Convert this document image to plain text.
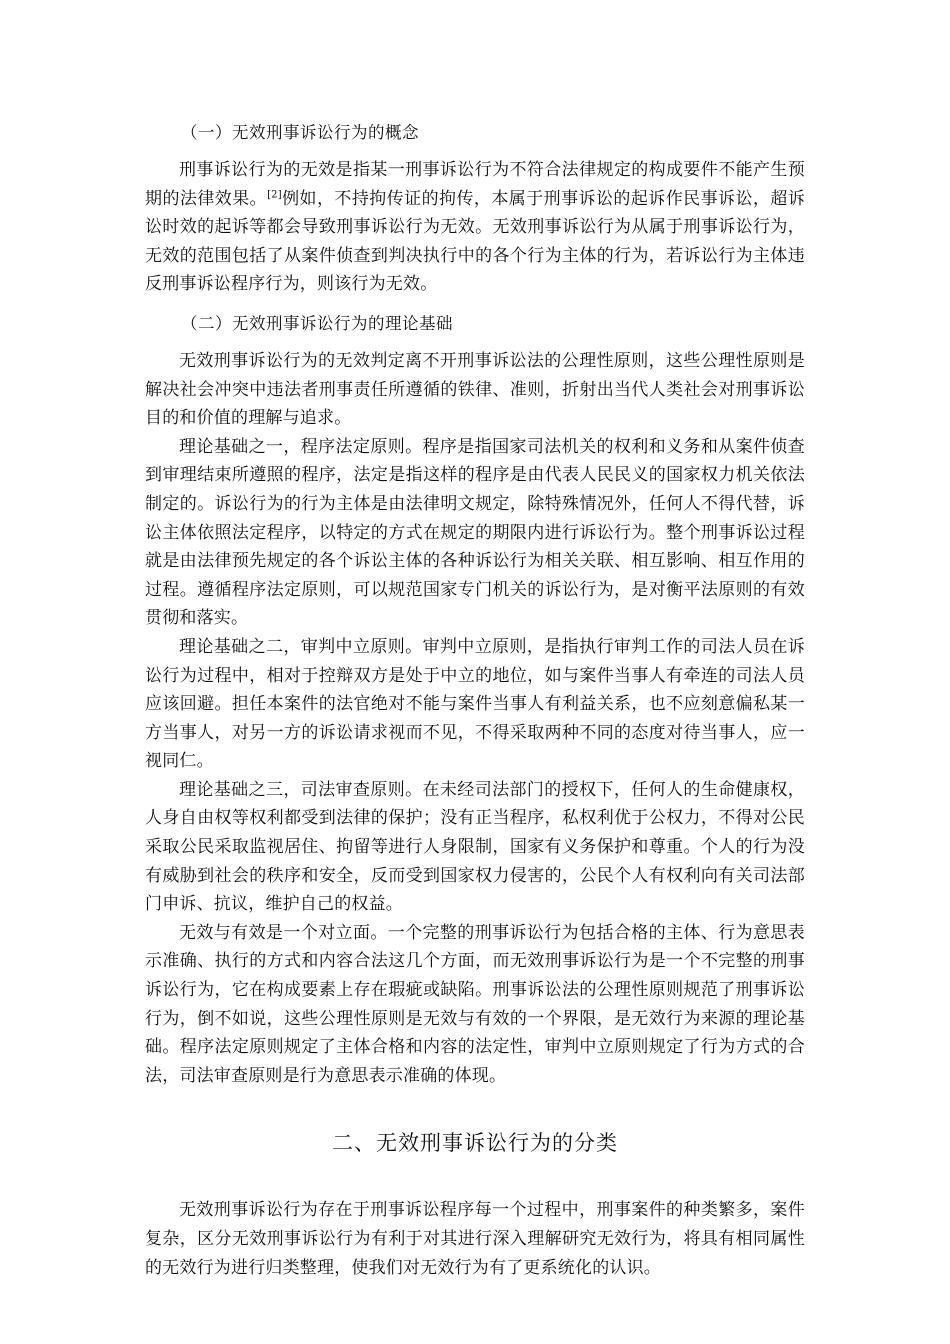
（一）无效刑事诉讼行为的概念

刑事诉讼行为的无效是指某一刑事诉讼行为不符合法律规定的构成要件不能产生预期的法律效果。[2]例如，不持拘传证的拘传，本属于刑事诉讼的起诉作民事诉讼，超诉讼时效的起诉等都会导致刑事诉讼行为无效。无效刑事诉讼行为从属于刑事诉讼行为，无效的范围包括了从案件侦查到判决执行中的各个行为主体的行为，若诉讼行为主体违反刑事诉讼程序行为，则该行为无效。

（二）无效刑事诉讼行为的理论基础

无效刑事诉讼行为的无效判定离不开刑事诉讼法的公理性原则，这些公理性原则是解决社会冲突中违法者刑事责任所遵循的铁律、准则，折射出当代人类社会对刑事诉讼目的和价值的理解与追求。

理论基础之一，程序法定原则。程序是指国家司法机关的权利和义务和从案件侦查到审理结束所遵照的程序，法定是指这样的程序是由代表人民民义的国家权力机关依法制定的。诉讼行为的行为主体是由法律明文规定，除特殊情况外，任何人不得代替，诉讼主体依照法定程序，以特定的方式在规定的期限内进行诉讼行为。整个刑事诉讼过程就是由法律预先规定的各个诉讼主体的各种诉讼行为相关关联、相互影响、相互作用的过程。遵循程序法定原则，可以规范国家专门机关的诉讼行为，是对衡平法原则的有效贯彻和落实。

理论基础之二，审判中立原则。审判中立原则，是指执行审判工作的司法人员在诉讼行为过程中，相对于控辩双方是处于中立的地位，如与案件当事人有牵连的司法人员应该回避。担任本案件的法官绝对不能与案件当事人有利益关系，也不应刻意偏私某一方当事人，对另一方的诉讼请求视而不见，不得采取两种不同的态度对待当事人，应一视同仁。

理论基础之三，司法审查原则。在未经司法部门的授权下，任何人的生命健康权，人身自由权等权利都受到法律的保护；没有正当程序，私权利优于公权力，不得对公民采取公民采取监视居住、拘留等进行人身限制，国家有义务保护和尊重。个人的行为没有威胁到社会的秩序和安全，反而受到国家权力侵害的，公民个人有权利向有关司法部门申诉、抗议，维护自己的权益。

无效与有效是一个对立面。一个完整的刑事诉讼行为包括合格的主体、行为意思表示准确、执行的方式和内容合法这几个方面，而无效刑事诉讼行为是一个不完整的刑事诉讼行为，它在构成要素上存在瑕疵或缺陷。刑事诉讼法的公理性原则规范了刑事诉讼行为，倒不如说，这些公理性原则是无效与有效的一个界限，是无效行为来源的理论基础。程序法定原则规定了主体合格和内容的法定性，审判中立原则规定了行为方式的合法，司法审查原则是行为意思表示准确的体现。

二、无效刑事诉讼行为的分类

无效刑事诉讼行为存在于刑事诉讼程序每一个过程中，刑事案件的种类繁多，案件复杂，区分无效刑事诉讼行为有利于对其进行深入理解研究无效行为，将具有相同属性的无效行为进行归类整理，使我们对无效行为有了更系统化的认识。
